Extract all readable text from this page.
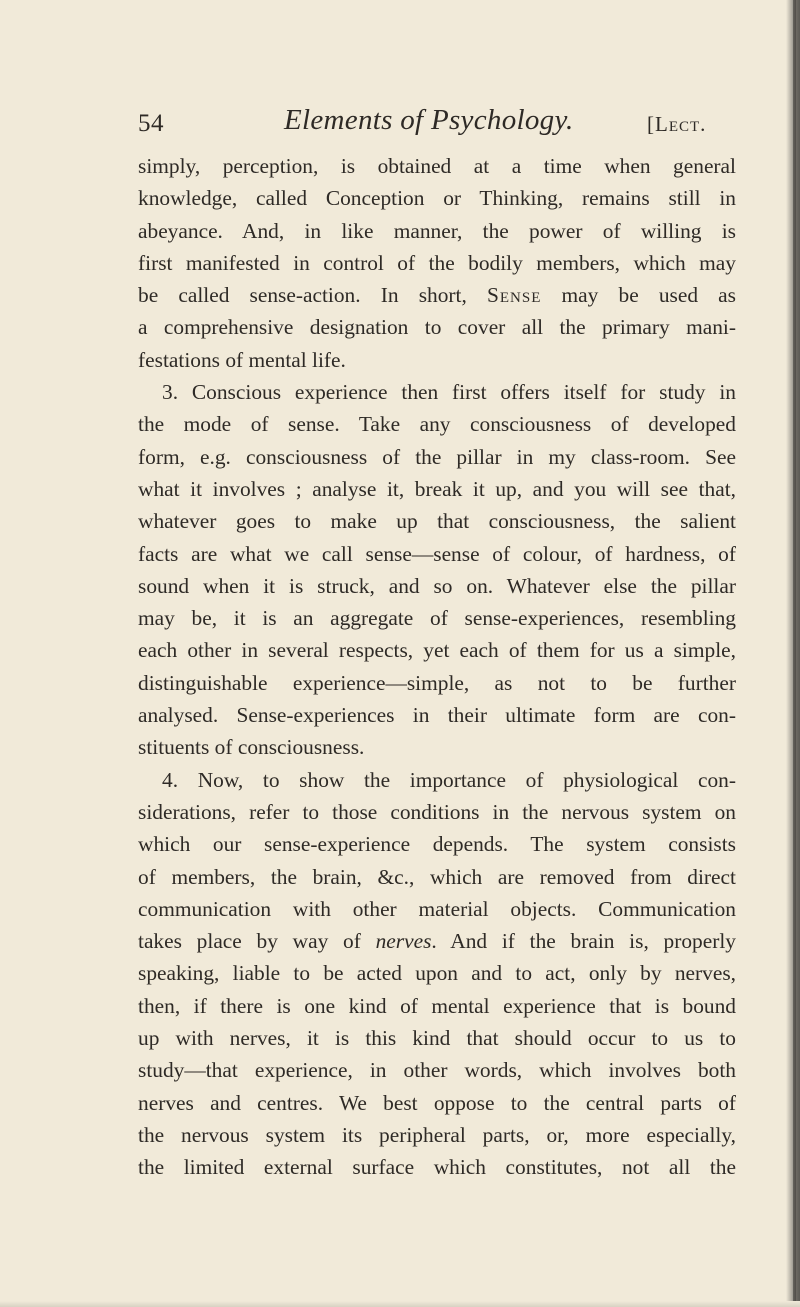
54	Elements of Psychology.	[Lect.
simply, perception, is obtained at a time when general
knowledge, called Conception or Thinking, remains still in
abeyance. And, in like manner, the power of willing is
first manifested in control of the bodily members, which may
be called sense-action. In short, Sense may be used as
a comprehensive designation to cover all the primary mani-
festations of mental life.
3. Conscious experience then first offers itself for study in
the mode of sense. Take any consciousness of developed
form, e.g. consciousness of the pillar in my class-room. See
what it involves ; analyse it, break it up, and you will see that,
whatever goes to make up that consciousness, the salient
facts are what we call sense—sense of colour, of hardness, of
sound when it is struck, and so on. Whatever else the pillar
may be, it is an aggregate of sense-experiences, resembling
each other in several respects, yet each of them for us a simple,
distinguishable experience—simple, as not to be further
analysed. Sense-experiences in their ultimate form are con-
stituents of consciousness.
4. Now, to show the importance of physiological con-
siderations, refer to those conditions in the nervous system on
which our sense-experience depends. The system consists
of members, the brain, &c., which are removed from direct
communication with other material objects. Communication
takes place by way of nerves. And if the brain is, properly
speaking, liable to be acted upon and to act, only by nerves,
then, if there is one kind of mental experience that is bound
up with nerves, it is this kind that should occur to us to
study—that experience, in other words, which involves both
nerves and centres. We best oppose to the central parts of
the nervous system its peripheral parts, or, more especially,
the limited external surface which constitutes, not all the
